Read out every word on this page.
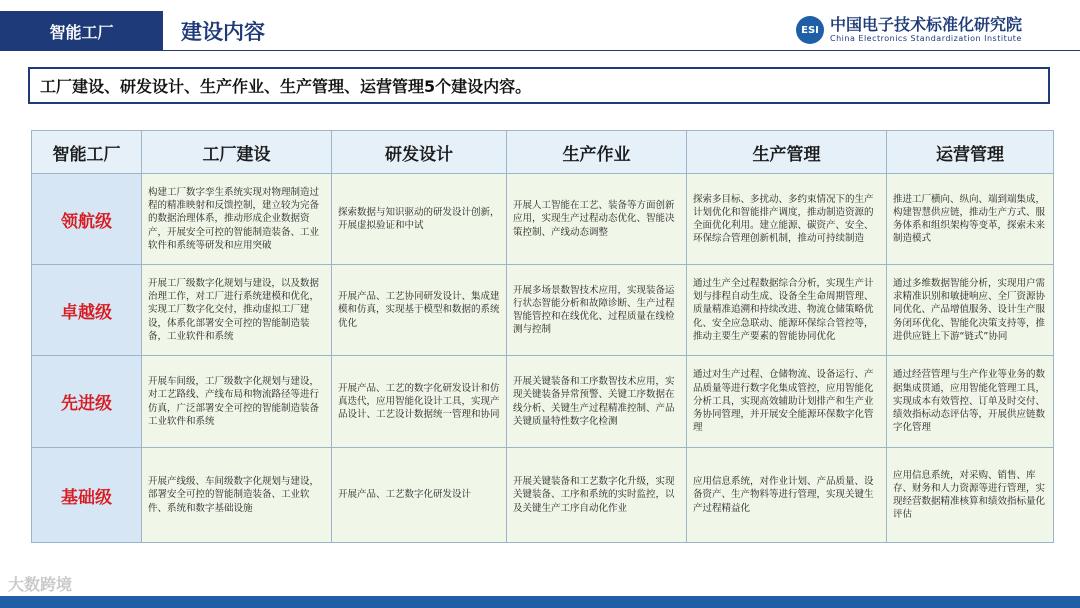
智能工厂	建设内容	ESI 中国电子技术标准化研究院
China Electronics Standardization Institute
工厂建设、研发设计、生产作业、生产管理、运营管理5个建设内容。
智能工厂	工厂建设	研发设计	生产作业	生产管理	运营管理
领航级	构建工厂数字孪生系统实现对物理制造过程的精准映射和反馈控制，建立较为完备的数据治理体系，推动形成企业数据资产，开展安全可控的智能制造装备、工业软件和系统等研发和应用突破	探索数据与知识驱动的研发设计创新，开展虚拟验证和中试	开展人工智能在工艺、装备等方面创新应用，实现生产过程动态优化、智能决策控制、产线动态调整	探索多目标、多扰动、多约束情况下的生产计划优化和智能排产调度，推动制造资源的全面优化利用。建立能源、碳资产、安全、环保综合管理创新机制，推动可持续制造	推进工厂横向、纵向、端到端集成，构建智慧供应链，推动生产方式、服务体系和组织架构等变革，探索未来制造模式
卓越级	开展工厂级数字化规划与建设，以及数据治理工作，对工厂进行系统建模和优化，实现工厂数字化交付，推动虚拟工厂建设，体系化部署安全可控的智能制造装备，工业软件和系统	开展产品、工艺协同研发设计、集成建模和仿真，实现基于模型和数据的系统优化	开展多场景数智技术应用，实现装备运行状态智能分析和故障诊断、生产过程智能管控和在线优化、过程质量在线检测与控制	通过生产全过程数据综合分析，实现生产计划与排程自动生成、设备全生命周期管理、质量精准追溯和持续改进、物流仓储策略优化、安全应急联动、能源环保综合管控等，推动主要生产要素的智能协同优化	通过多维数据智能分析，实现用户需求精准识别和敏捷响应、全厂资源协同优化、产品增值服务、设计生产服务闭环优化、智能化决策支持等，推进供应链上下游“链式”协同
先进级	开展车间级，工厂级数字化规划与建设，对工艺路线、产线布局和物流路径等进行仿真，广泛部署安全可控的智能制造装备工业软件和系统	开展产品、工艺的数字化研发设计和仿真迭代，应用智能化设计工具，实现产品设计、工艺设计数据统一管理和协同	开展关键装备和工序数智技术应用，实现关键装备异常预警、关键工序数据在线分析、关键生产过程精准控制、产品关键质量特性数字化检测	通过对生产过程、仓储物流、设备运行、产品质量等进行数字化集成管控，应用智能化分析工具，实现高效辅助计划排产和生产业务协同管理，并开展安全能源环保数字化管理	通过经营管理与生产作业等业务的数据集成贯通，应用智能化管理工具，实现成本有效管控、订单及时交付、绩效指标动态评估等，开展供应链数字化管理
基础级	开展产线级、车间级数字化规划与建设，部署安全可控的智能制造装备、工业软件、系统和数字基础设施	开展产品、工艺数字化研发设计	开展关键装备和工艺数字化升级，实现关键装备、工序和系统的实时监控，以及关键生产工序自动化作业	应用信息系统，对作业计划、产品质量、设备资产、生产物料等进行管理，实现关键生产过程精益化	应用信息系统，对采购、销售、库存、财务和人力资源等进行管理，实现经营数据精准核算和绩效指标量化评估
大数跨境
